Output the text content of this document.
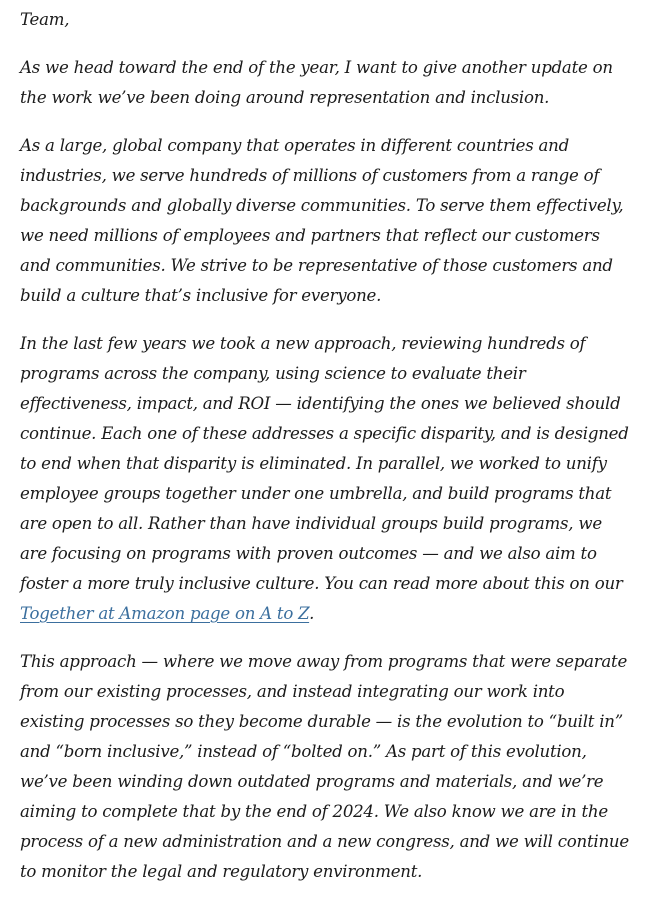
Team,

As we head toward the end of the year, I want to give another update on the work we’ve been doing around representation and inclusion.

As a large, global company that operates in different countries and industries, we serve hundreds of millions of customers from a range of backgrounds and globally diverse communities. To serve them effectively, we need millions of employees and partners that reflect our customers and communities. We strive to be representative of those customers and build a culture that’s inclusive for everyone.

In the last few years we took a new approach, reviewing hundreds of programs across the company, using science to evaluate their effectiveness, impact, and ROI — identifying the ones we believed should continue. Each one of these addresses a specific disparity, and is designed to end when that disparity is eliminated. In parallel, we worked to unify employee groups together under one umbrella, and build programs that are open to all. Rather than have individual groups build programs, we are focusing on programs with proven outcomes — and we also aim to foster a more truly inclusive culture. You can read more about this on our Together at Amazon page on A to Z.

This approach — where we move away from programs that were separate from our existing processes, and instead integrating our work into existing processes so they become durable — is the evolution to “built in” and “born inclusive,” instead of “bolted on.” As part of this evolution, we’ve been winding down outdated programs and materials, and we’re aiming to complete that by the end of 2024. We also know we are in the process of a new administration and a new congress, and we will continue to monitor the legal and regulatory environment.
